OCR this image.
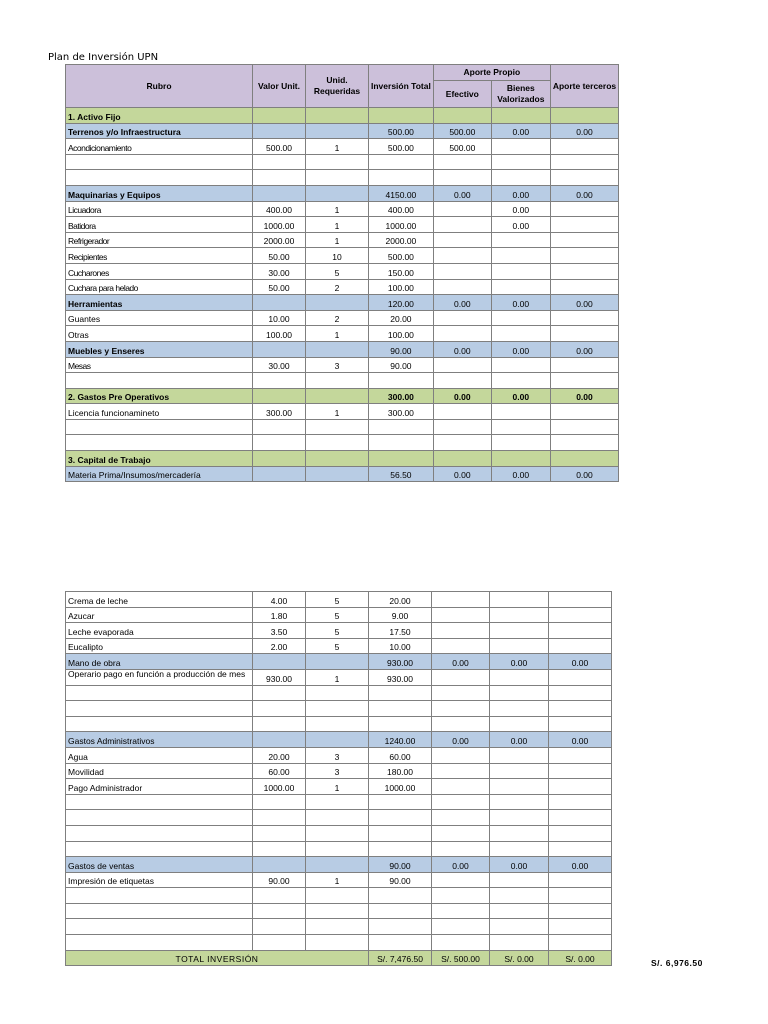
Plan de Inversión UPN
Rubro	Valor Unit.	Unid. Requeridas	Inversión Total	Aporte Propio		Aporte terceros
				Efectivo	Bienes Valorizados	
1. Activo Fijo						
Terrenos y/o Infraestructura			500.00	500.00	0.00	0.00
Acondicionamiento	500.00	1	500.00	500.00		

Maquinarias y Equipos			4150.00	0.00	0.00	0.00
Licuadora	400.00	1	400.00		0.00	
Batidora	1000.00	1	1000.00		0.00	
Refrigerador	2000.00	1	2000.00			
Recipientes	50.00	10	500.00			
Cucharones	30.00	5	150.00			
Cuchara para helado	50.00	2	100.00			
Herramientas			120.00	0.00	0.00	0.00
Guantes	10.00	2	20.00			
Otras	100.00	1	100.00			
Muebles y Enseres			90.00	0.00	0.00	0.00
Mesas	30.00	3	90.00			

2. Gastos Pre Operativos			300.00	0.00	0.00	0.00
Licencia funcionamineto	300.00	1	300.00			

3. Capital de Trabajo						
Materia Prima/Insumos/mercadería			56.50	0.00	0.00	0.00
Crema de leche	4.00	5	20.00			
Azucar	1.80	5	9.00			
Leche evaporada	3.50	5	17.50			
Eucalipto	2.00	5	10.00			
Mano de obra			930.00	0.00	0.00	0.00
Operario pago en función a producción de mes	930.00	1	930.00			

Gastos Administrativos			1240.00	0.00	0.00	0.00
Agua	20.00	3	60.00			
Movilidad	60.00	3	180.00			
Pago Administrador	1000.00	1	1000.00			

Gastos de ventas			90.00	0.00	0.00	0.00
Impresión de etiquetas	90.00	1	90.00			

TOTAL INVERSIÓN			S/. 7,476.50	S/. 500.00	S/. 0.00	S/. 0.00	S/. 6,976.50
